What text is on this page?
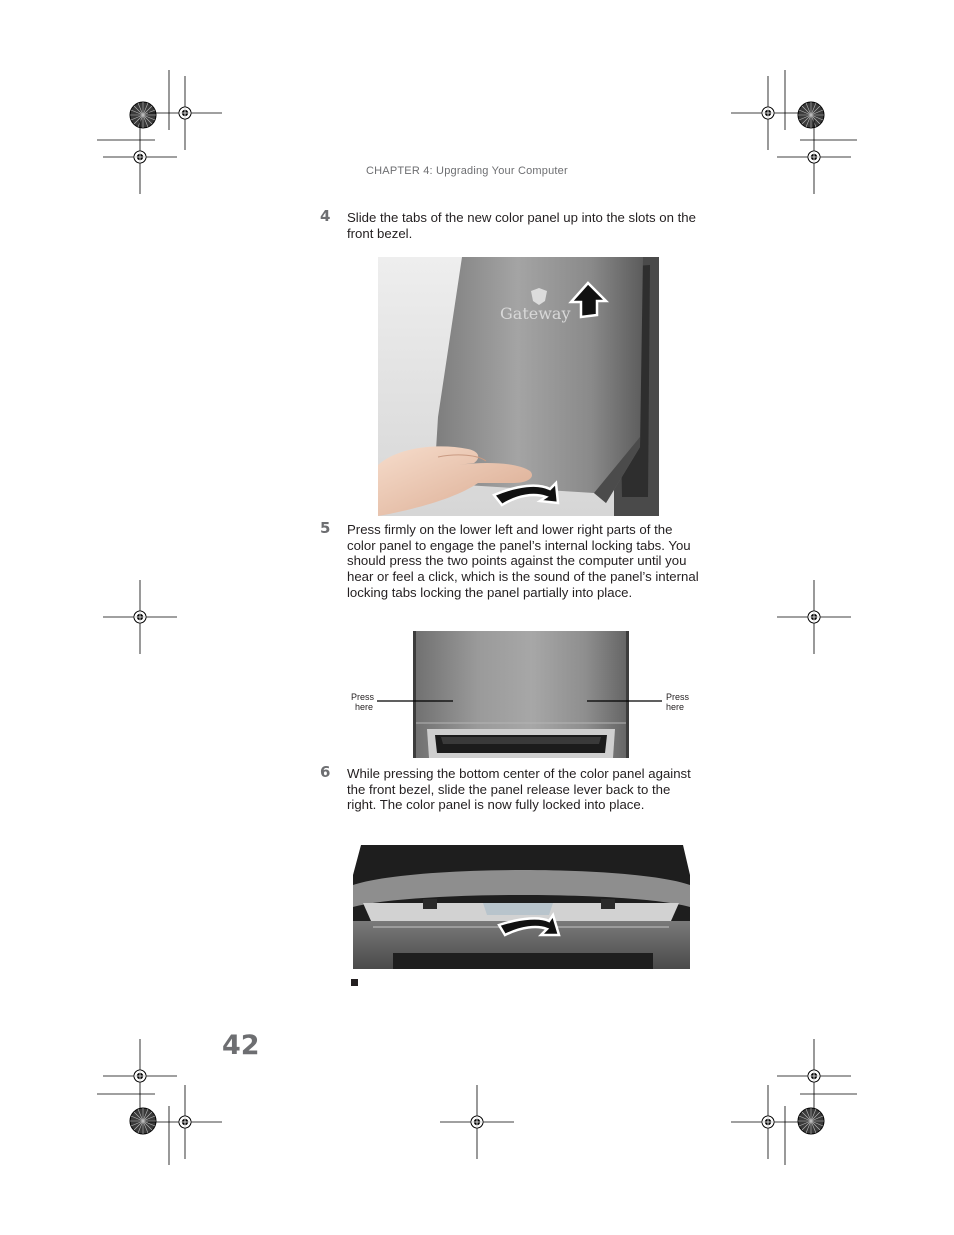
CHAPTER 4: Upgrading Your Computer
4 Slide the tabs of the new color panel up into the slots on the front bezel.
Gateway
5 Press firmly on the lower left and lower right parts of the color panel to engage the panel’s internal locking tabs. You should press the two points against the computer until you hear or feel a click, which is the sound of the panel’s internal locking tabs locking the panel partially into place.
Press
here
Press
here
6 While pressing the bottom center of the color panel against the front bezel, slide the panel release lever back to the right. The color panel is now fully locked into place.
42
